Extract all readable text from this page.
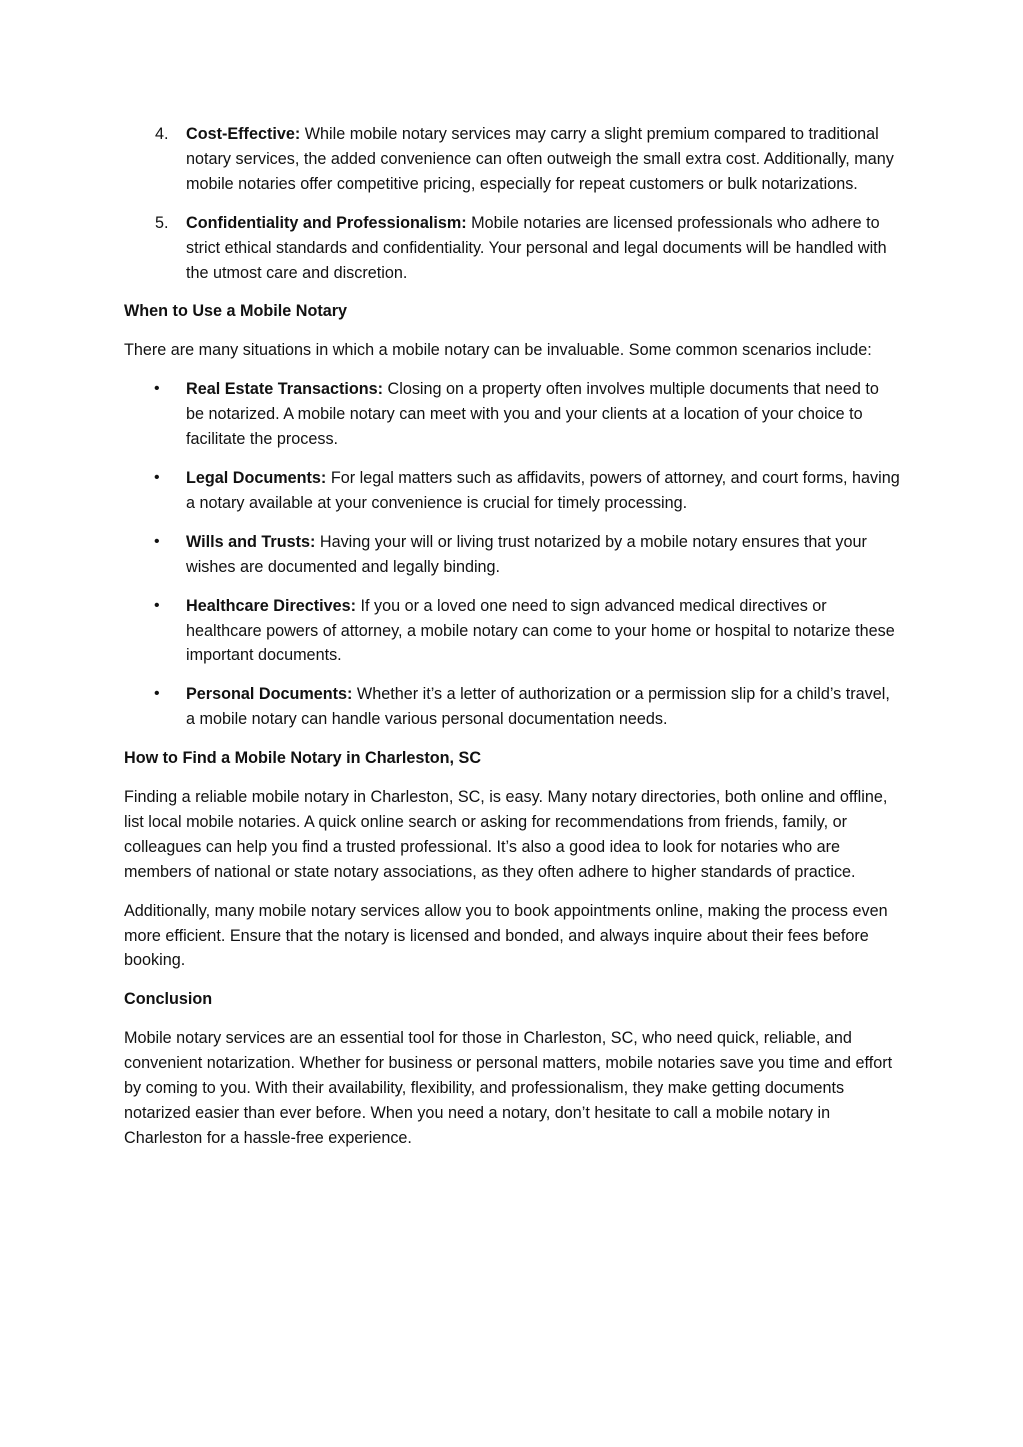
4. Cost-Effective: While mobile notary services may carry a slight premium compared to traditional notary services, the added convenience can often outweigh the small extra cost. Additionally, many mobile notaries offer competitive pricing, especially for repeat customers or bulk notarizations.
5. Confidentiality and Professionalism: Mobile notaries are licensed professionals who adhere to strict ethical standards and confidentiality. Your personal and legal documents will be handled with the utmost care and discretion.
When to Use a Mobile Notary

There are many situations in which a mobile notary can be invaluable. Some common scenarios include:

• Real Estate Transactions: Closing on a property often involves multiple documents that need to be notarized. A mobile notary can meet with you and your clients at a location of your choice to facilitate the process.
• Legal Documents: For legal matters such as affidavits, powers of attorney, and court forms, having a notary available at your convenience is crucial for timely processing.
• Wills and Trusts: Having your will or living trust notarized by a mobile notary ensures that your wishes are documented and legally binding.
• Healthcare Directives: If you or a loved one need to sign advanced medical directives or healthcare powers of attorney, a mobile notary can come to your home or hospital to notarize these important documents.
• Personal Documents: Whether it’s a letter of authorization or a permission slip for a child’s travel, a mobile notary can handle various personal documentation needs.
How to Find a Mobile Notary in Charleston, SC

Finding a reliable mobile notary in Charleston, SC, is easy. Many notary directories, both online and offline, list local mobile notaries. A quick online search or asking for recommendations from friends, family, or colleagues can help you find a trusted professional. It’s also a good idea to look for notaries who are members of national or state notary associations, as they often adhere to higher standards of practice.

Additionally, many mobile notary services allow you to book appointments online, making the process even more efficient. Ensure that the notary is licensed and bonded, and always inquire about their fees before booking.

Conclusion

Mobile notary services are an essential tool for those in Charleston, SC, who need quick, reliable, and convenient notarization. Whether for business or personal matters, mobile notaries save you time and effort by coming to you. With their availability, flexibility, and professionalism, they make getting documents notarized easier than ever before. When you need a notary, don’t hesitate to call a mobile notary in Charleston for a hassle-free experience.
